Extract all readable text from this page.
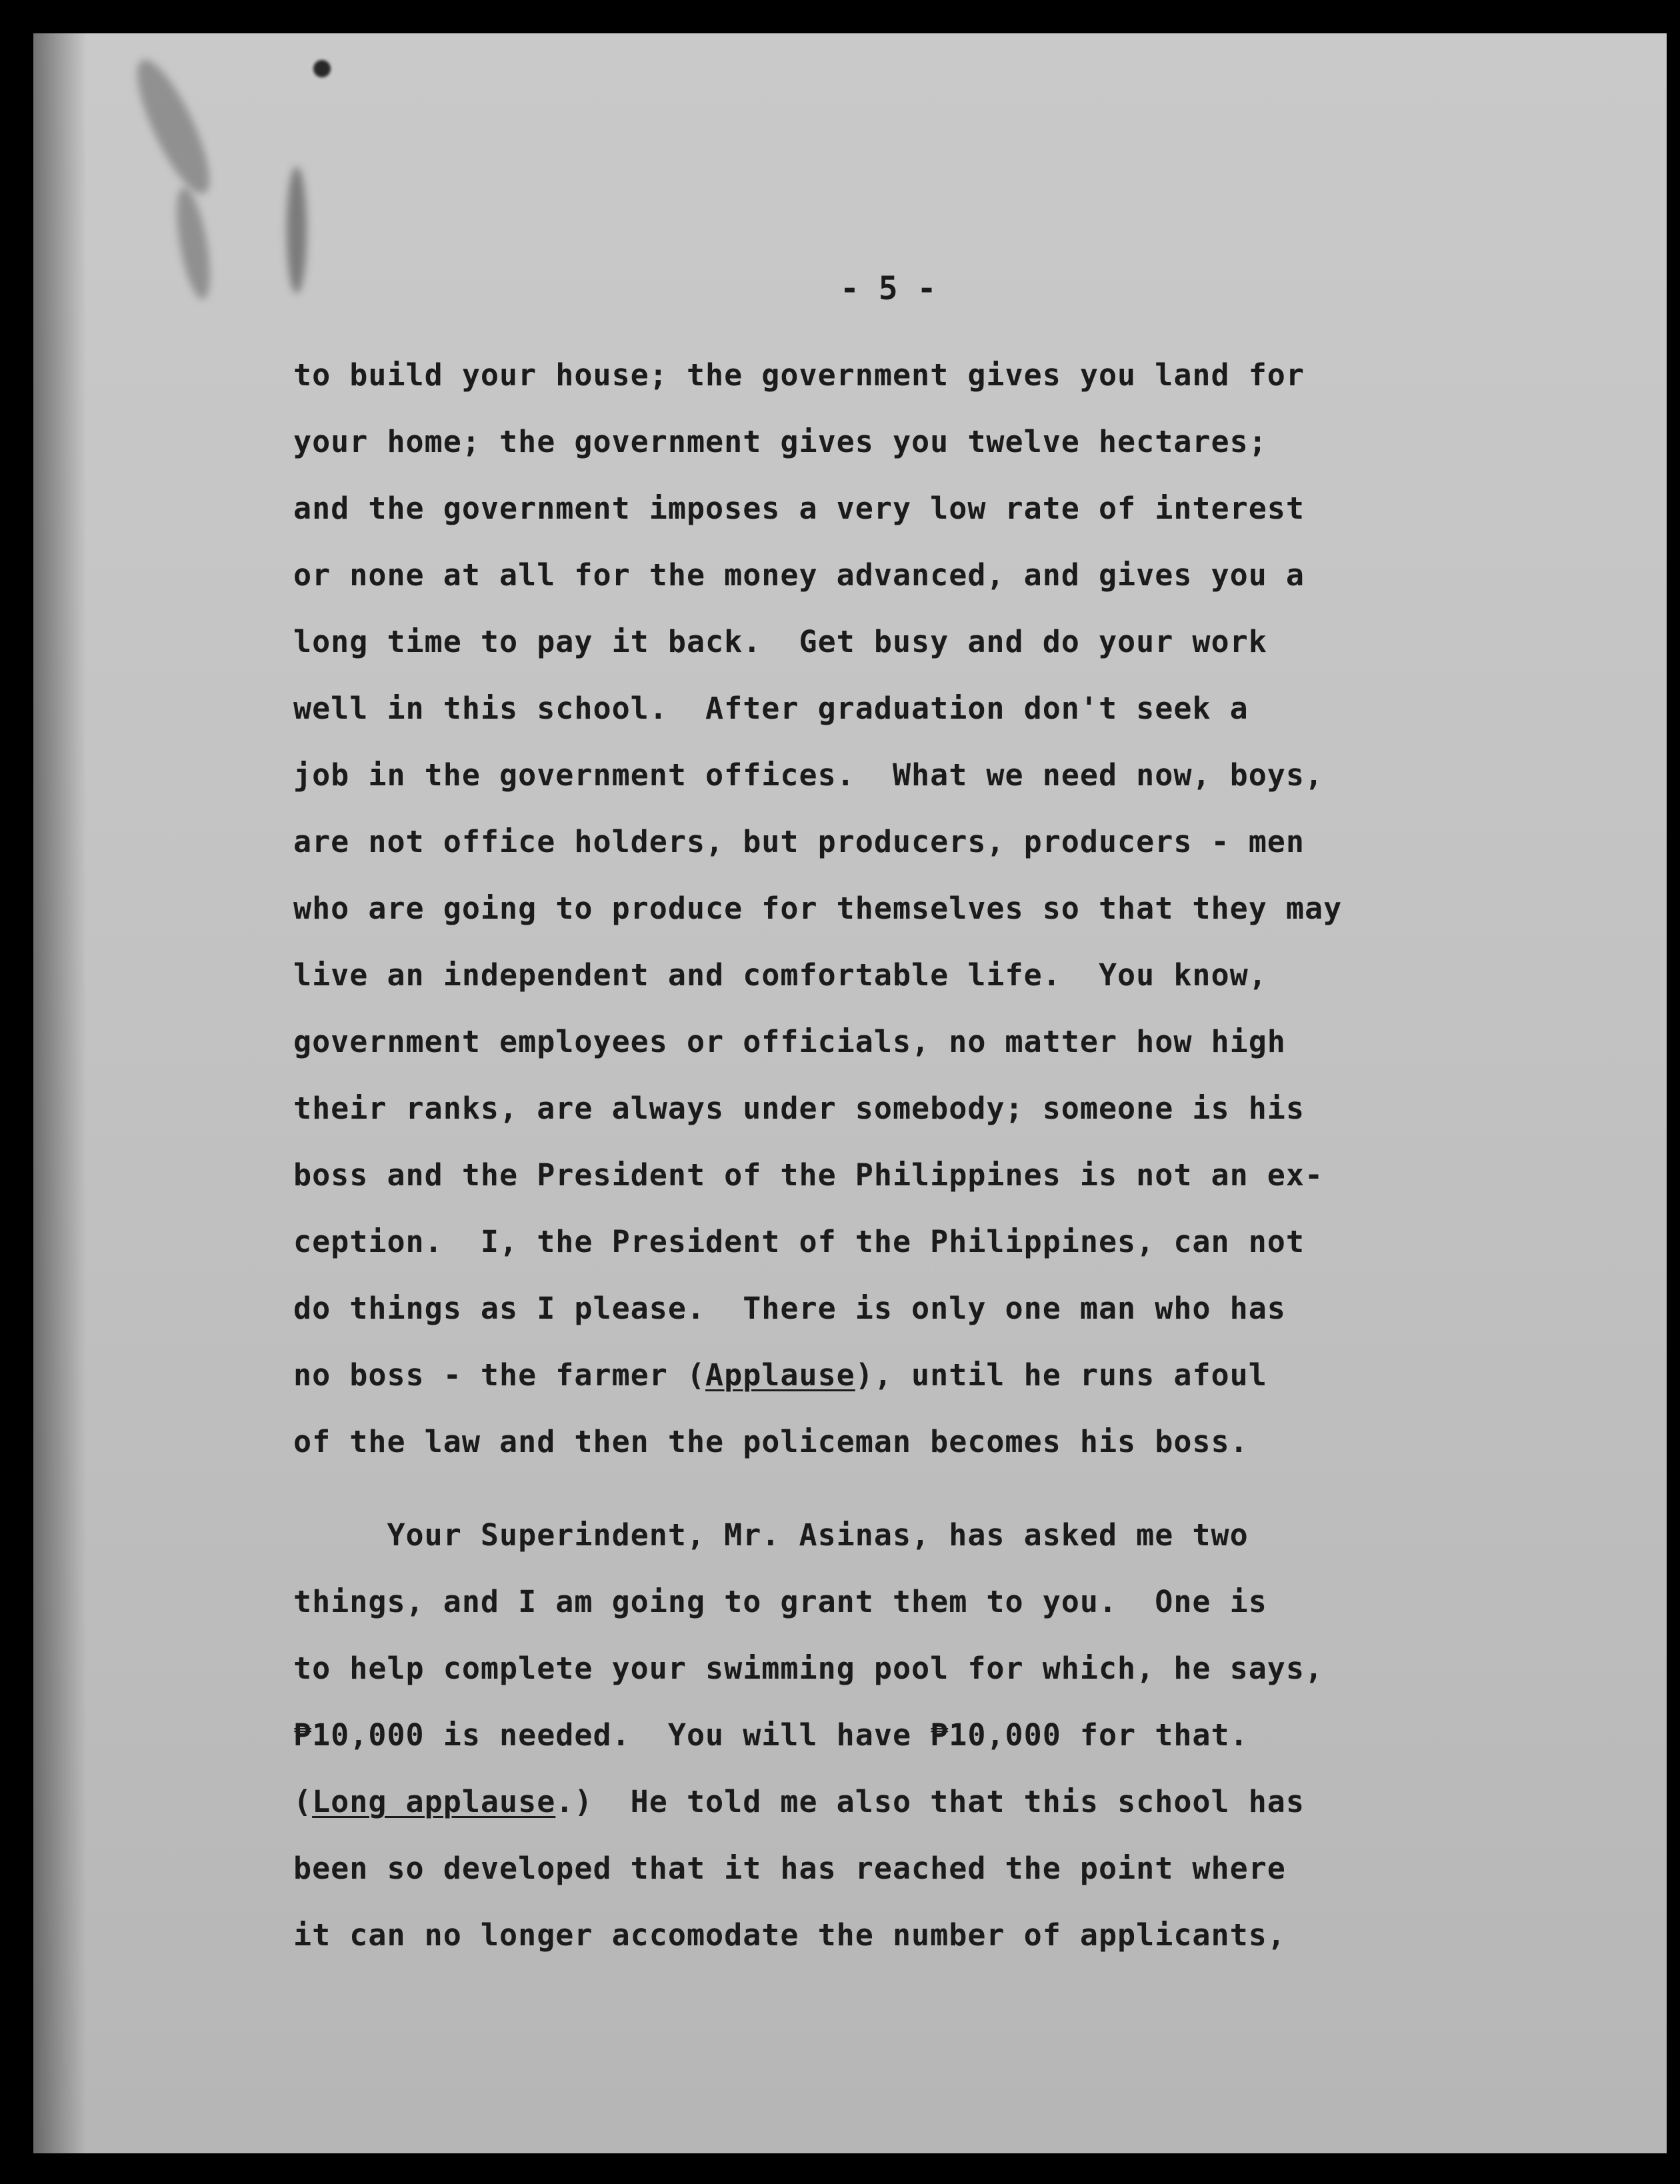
- 5 -
to build your house; the government gives you land for
your home; the government gives you twelve hectares;
and the government imposes a very low rate of interest
or none at all for the money advanced, and gives you a
long time to pay it back.  Get busy and do your work
well in this school.  After graduation don't seek a
job in the government offices.  What we need now, boys,
are not office holders, but producers, producers - men
who are going to produce for themselves so that they may
live an independent and comfortable life.  You know,
government employees or officials, no matter how high
their ranks, are always under somebody; someone is his
boss and the President of the Philippines is not an ex-
ception.  I, the President of the Philippines, can not
do things as I please.  There is only one man who has
no boss - the farmer (Applause), until he runs afoul
of the law and then the policeman becomes his boss.
Your Superindent, Mr. Asinas, has asked me two
things, and I am going to grant them to you.  One is
to help complete your swimming pool for which, he says,
₱10,000 is needed.  You will have ₱10,000 for that.
(Long applause.)  He told me also that this school has
been so developed that it has reached the point where
it can no longer accomodate the number of applicants,
